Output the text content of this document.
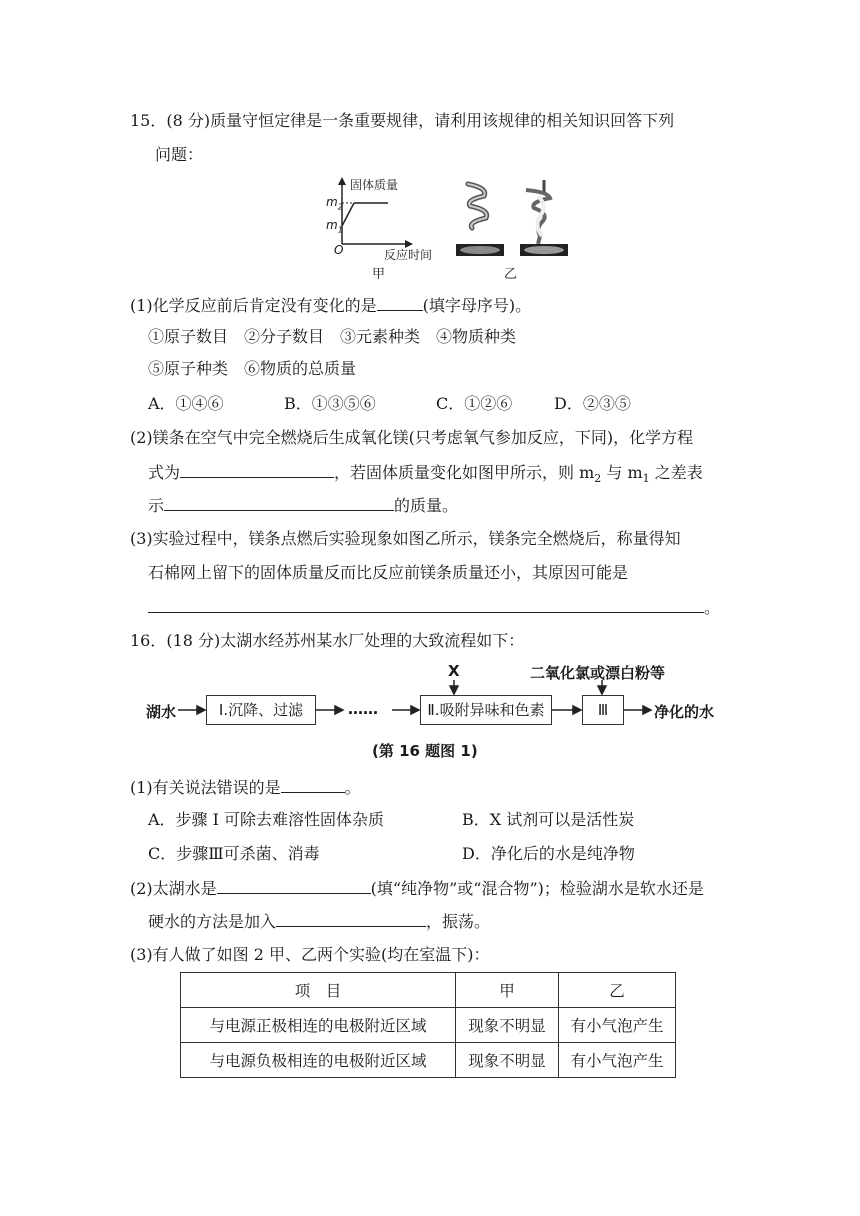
15．(8 分)质量守恒定律是一条重要规律，请利用该规律的相关知识回答下列
问题：
固体质量
$m_2$
$m_1$
O	反应时间
甲	乙
(1)化学反应前后肯定没有变化的是	(填字母序号)。
①原子数目　②分子数目　③元素种类　④物质种类
⑤原子种类　⑥物质的总质量
A．①④⑥	B．①③⑤⑥	C．①②⑥	D．②③⑤
(2)镁条在空气中完全燃烧后生成氧化镁(只考虑氧气参加反应，下同)，化学方程
式为	，若固体质量变化如图甲所示，则 $m_2$ 与 $m_1$ 之差表
示	的质量。
(3)实验过程中，镁条点燃后实验现象如图乙所示，镁条完全燃烧后，称量得知
石棉网上留下的固体质量反而比反应前镁条质量还小，其原因可能是
。
16．(18 分)太湖水经苏州某水厂处理的大致流程如下：
X	二氧化氯或漂白粉等
湖水	Ⅰ.沉降、过滤	……	Ⅱ.吸附异味和色素	Ⅲ	净化的水
(第 16 题图 1)
(1)有关说法错误的是	。
A．步骤 Ⅰ 可除去难溶性固体杂质	B．X 试剂可以是活性炭
C．步骤Ⅲ可杀菌、消毒	D．净化后的水是纯净物
(2)太湖水是	(填“纯净物”或“混合物”)；检验湖水是软水还是
硬水的方法是加入	，振荡。
(3)有人做了如图 2 甲、乙两个实验(均在室温下)：
项　目	甲	乙
与电源正极相连的电极附近区域	现象不明显	有小气泡产生
与电源负极相连的电极附近区域	现象不明显	有小气泡产生
